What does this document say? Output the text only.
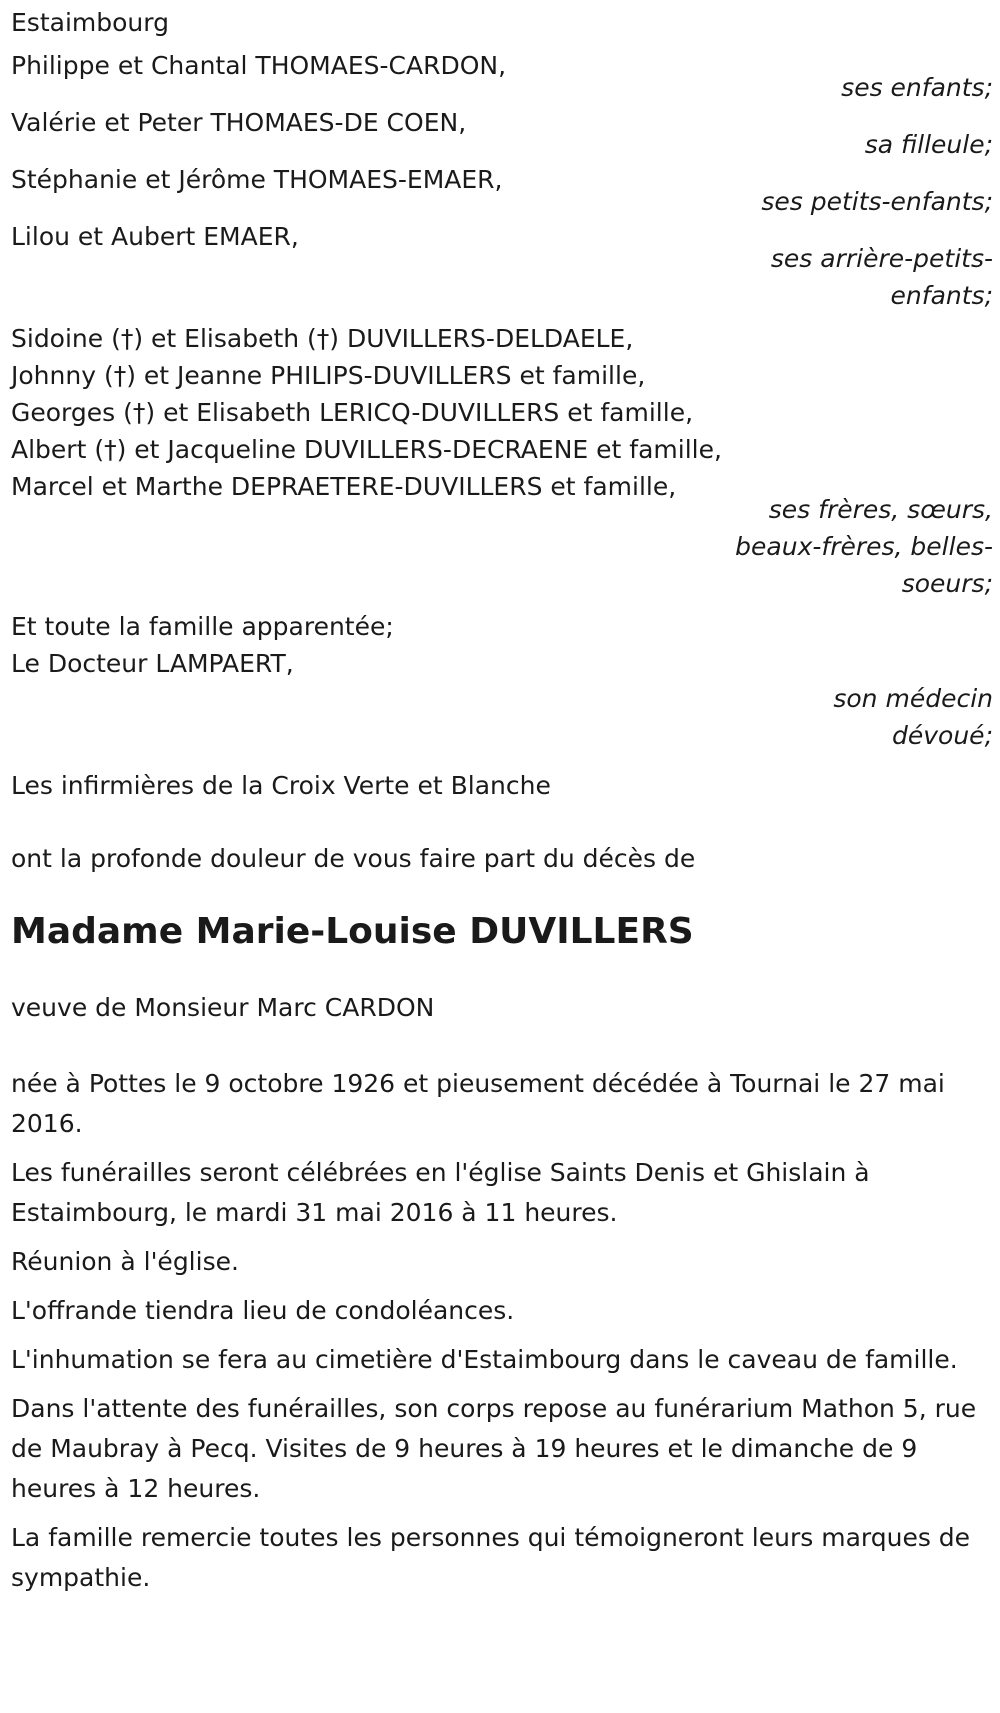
Estaimbourg

Philippe et Chantal THOMAES-CARDON,

ses enfants;

Valérie et Peter THOMAES-DE COEN,

sa filleule;

Stéphanie et Jérôme THOMAES-EMAER,

ses petits-enfants;

Lilou et Aubert EMAER,

ses arrière-petits-

enfants;

Sidoine (†) et Elisabeth (†) DUVILLERS-DELDAELE,

Johnny (†) et Jeanne PHILIPS-DUVILLERS et famille,

Georges (†) et Elisabeth LERICQ-DUVILLERS et famille,

Albert (†) et Jacqueline DUVILLERS-DECRAENE et famille,

Marcel et Marthe DEPRAETERE-DUVILLERS et famille,

ses frères, sœurs,

beaux-frères, belles-

soeurs;

Et toute la famille apparentée;

Le Docteur LAMPAERT,

son médecin

dévoué;

Les infirmières de la Croix Verte et Blanche

ont la profonde douleur de vous faire part du décès de

Madame Marie-Louise DUVILLERS

veuve de Monsieur Marc CARDON

née à Pottes le 9 octobre 1926 et pieusement décédée à Tournai le 27 mai 2016.

Les funérailles seront célébrées en l'église Saints Denis et Ghislain à Estaimbourg, le mardi 31 mai 2016 à 11 heures.

Réunion à l'église.

L'offrande tiendra lieu de condoléances.

L'inhumation se fera au cimetière d'Estaimbourg dans le caveau de famille.

Dans l'attente des funérailles, son corps repose au funérarium Mathon 5, rue de Maubray à Pecq. Visites de 9 heures à 19 heures et le dimanche de 9 heures à 12 heures.

La famille remercie toutes les personnes qui témoigneront leurs marques de sympathie.
